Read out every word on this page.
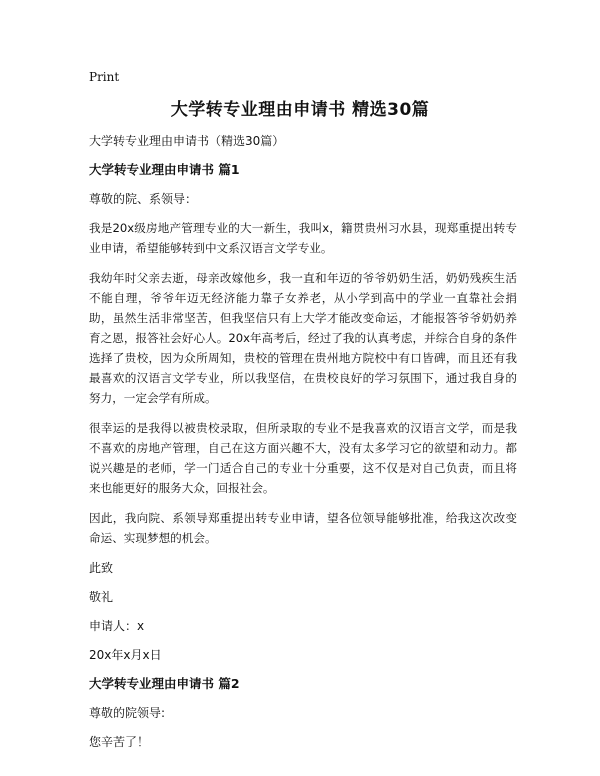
Print
大学转专业理由申请书 精选30篇

大学转专业理由申请书（精选30篇）

大学转专业理由申请书 篇1

尊敬的院、系领导：

我是20x级房地产管理专业的大一新生，我叫x，籍贯贵州习水县，现郑重提出转专业申请，希望能够转到中文系汉语言文学专业。

我幼年时父亲去逝，母亲改嫁他乡，我一直和年迈的爷爷奶奶生活，奶奶残疾生活不能自理，爷爷年迈无经济能力靠子女养老，从小学到高中的学业一直靠社会捐助，虽然生活非常坚苦，但我坚信只有上大学才能改变命运，才能报答爷爷奶奶养育之恩，报答社会好心人。20x年高考后，经过了我的认真考虑，并综合自身的条件选择了贵校，因为众所周知，贵校的管理在贵州地方院校中有口皆碑，而且还有我最喜欢的汉语言文学专业，所以我坚信，在贵校良好的学习氛围下，通过我自身的努力，一定会学有所成。

很幸运的是我得以被贵校录取，但所录取的专业不是我喜欢的汉语言文学，而是我不喜欢的房地产管理，自己在这方面兴趣不大，没有太多学习它的欲望和动力。都说兴趣是的老师，学一门适合自己的专业十分重要，这不仅是对自己负责，而且将来也能更好的服务大众，回报社会。

因此，我向院、系领导郑重提出转专业申请，望各位领导能够批准，给我这次改变命运、实现梦想的机会。

此致

敬礼

申请人：x

20x年x月x日

大学转专业理由申请书 篇2

尊敬的院领导:

您辛苦了！
